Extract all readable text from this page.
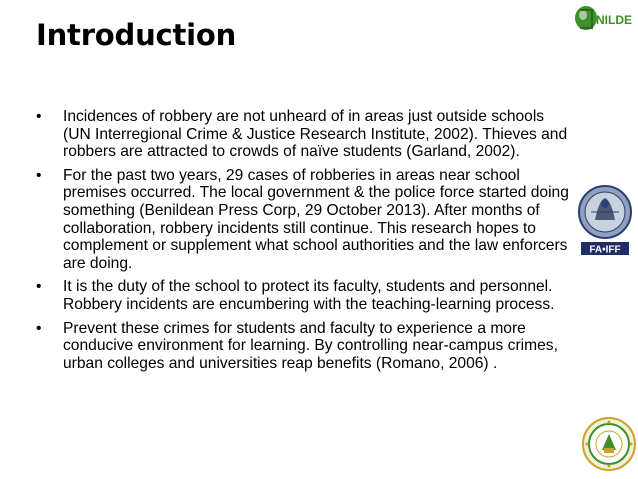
Introduction
• Incidences of robbery are not unheard of in areas just outside schools (UN Interregional Crime & Justice Research Institute, 2002). Thieves and robbers are attracted to crowds of naïve students (Garland, 2002).
• For the past two years, 29 cases of robberies in areas near school premises occurred. The local government & the police force started doing something (Benildean Press Corp, 29 October 2013). After months of collaboration, robbery incidents still continue. This research hopes to complement or supplement what school authorities and the law enforcers are doing.
• It is the duty of the school to protect its faculty, students and personnel. Robbery incidents are encumbering with the teaching-learning process.
• Prevent these crimes for students and faculty to experience a more conducive environment for learning. By controlling near-campus crimes, urban colleges and universities reap benefits (Romano, 2006) .
NILDE
FA•IFF
